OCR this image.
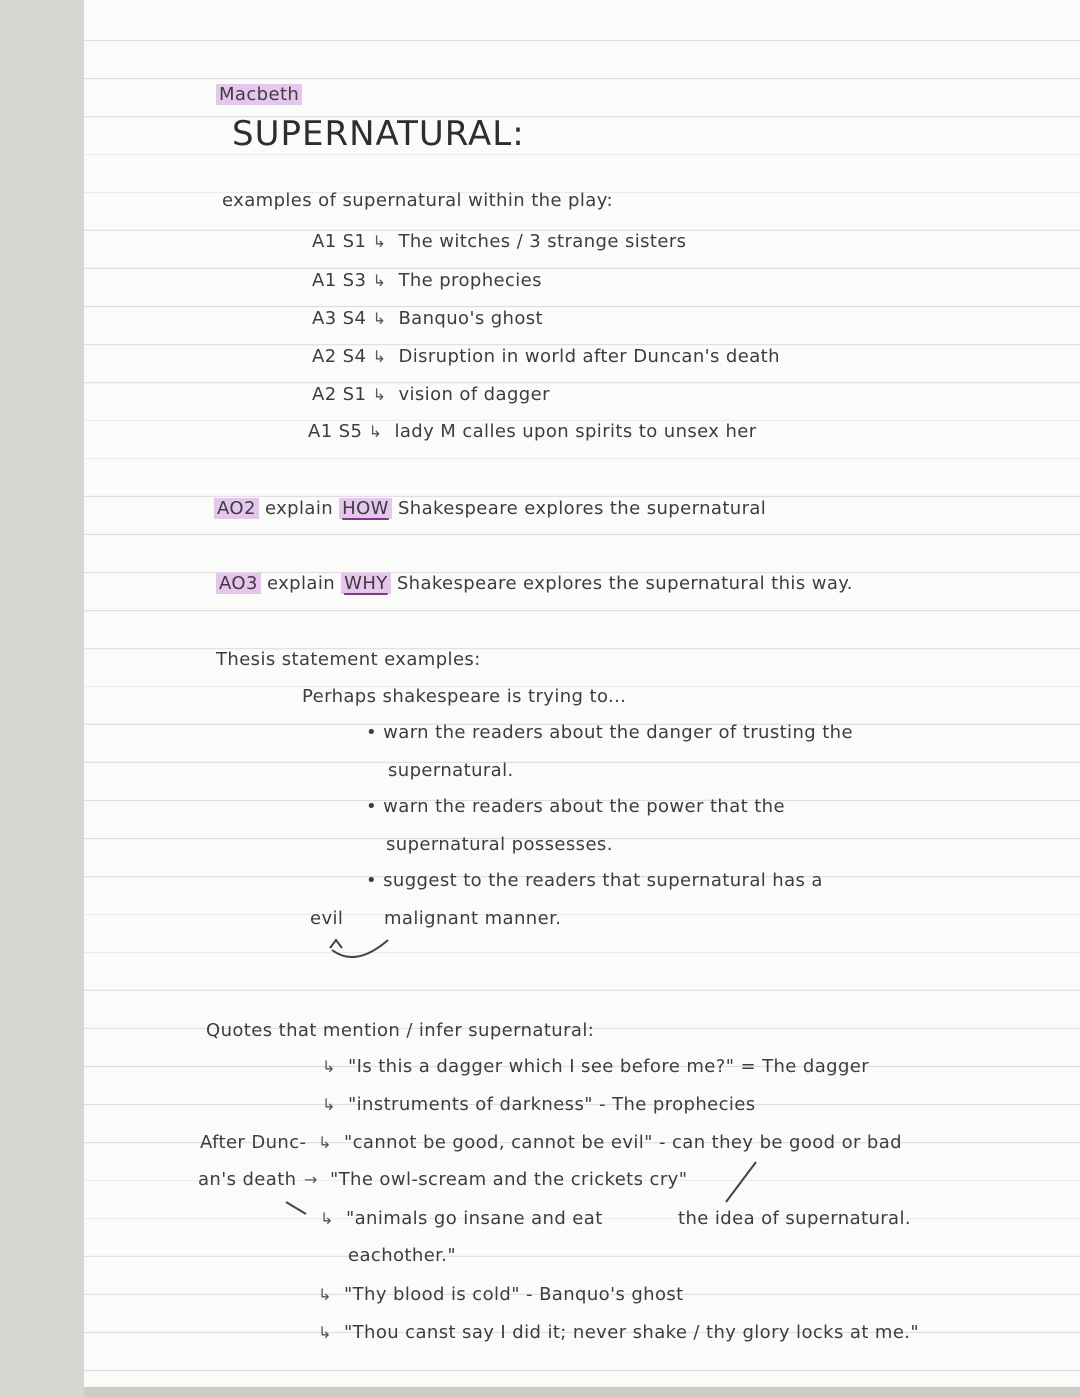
Macbeth
SUPERNATURAL:
examples of supernatural within the play:
A1 S1 ↳ The witches / 3 strange sisters
A1 S3 ↳ The prophecies
A3 S4 ↳ Banquo's ghost
A2 S4 ↳ Disruption in world after Duncan's death
A2 S1 ↳ vision of dagger
A1 S5 ↳ lady M calles upon spirits to unsex her
AO2 explain HOW Shakespeare explores the supernatural
AO3 explain WHY Shakespeare explores the supernatural this way.
Thesis statement examples:
Perhaps shakespeare is trying to...
• warn the readers about the danger of trusting the
supernatural.
• warn the readers about the power that the
supernatural possesses.
• suggest to the readers that supernatural has a
malignant manner.
evil
Quotes that mention / infer supernatural:
↳ "Is this a dagger which I see before me?" = The dagger
↳ "instruments of darkness" - The prophecies
After Dunc-
an's death
↳ "cannot be good, cannot be evil" - can they be good or bad
→ "The owl-scream and the crickets cry"
↳ "animals go insane and eat	the idea of supernatural.
eachother."
↳ "Thy blood is cold" - Banquo's ghost
↳ "Thou canst say I did it; never shake / thy glory locks at me."
